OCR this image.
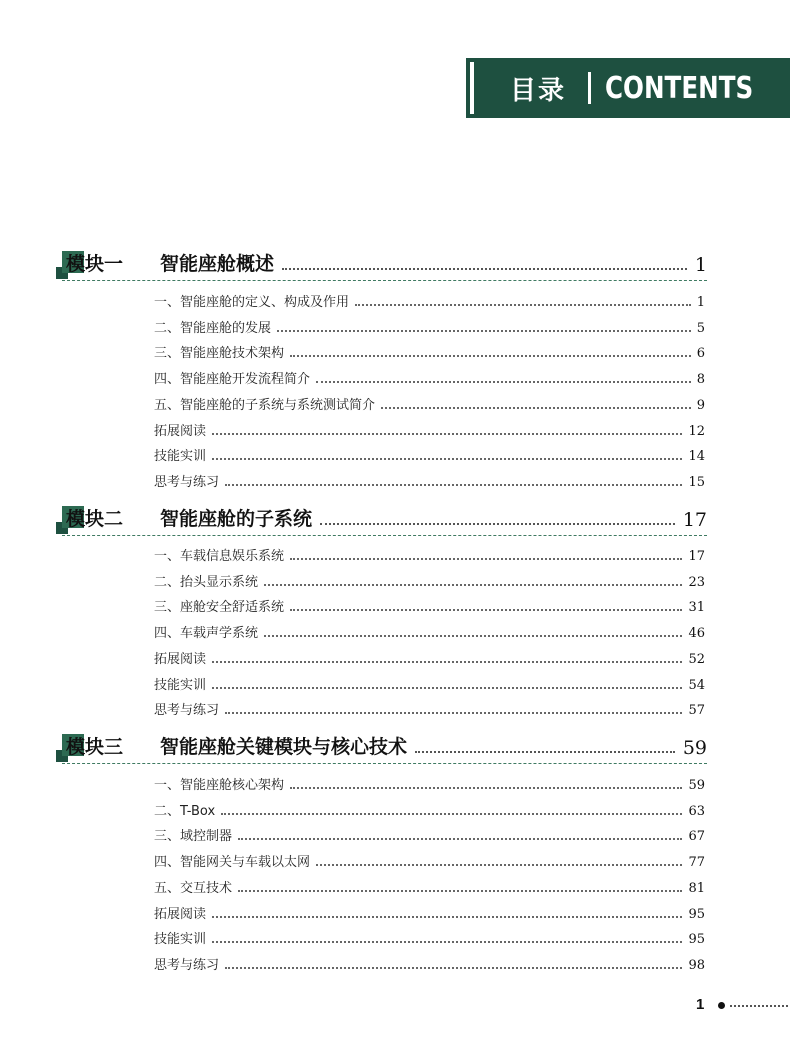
目录 CONTENTS
模块一	智能座舱概述	1
一、智能座舱的定义、构成及作用	1
二、智能座舱的发展	5
三、智能座舱技术架构	6
四、智能座舱开发流程简介	8
五、智能座舱的子系统与系统测试简介	9
拓展阅读	12
技能实训	14
思考与练习	15
模块二	智能座舱的子系统	17
一、车载信息娱乐系统	17
二、抬头显示系统	23
三、座舱安全舒适系统	31
四、车载声学系统	46
拓展阅读	52
技能实训	54
思考与练习	57
模块三	智能座舱关键模块与核心技术	59
一、智能座舱核心架构	59
二、T-Box	63
三、域控制器	67
四、智能网关与车载以太网	77
五、交互技术	81
拓展阅读	95
技能实训	95
思考与练习	98
1
